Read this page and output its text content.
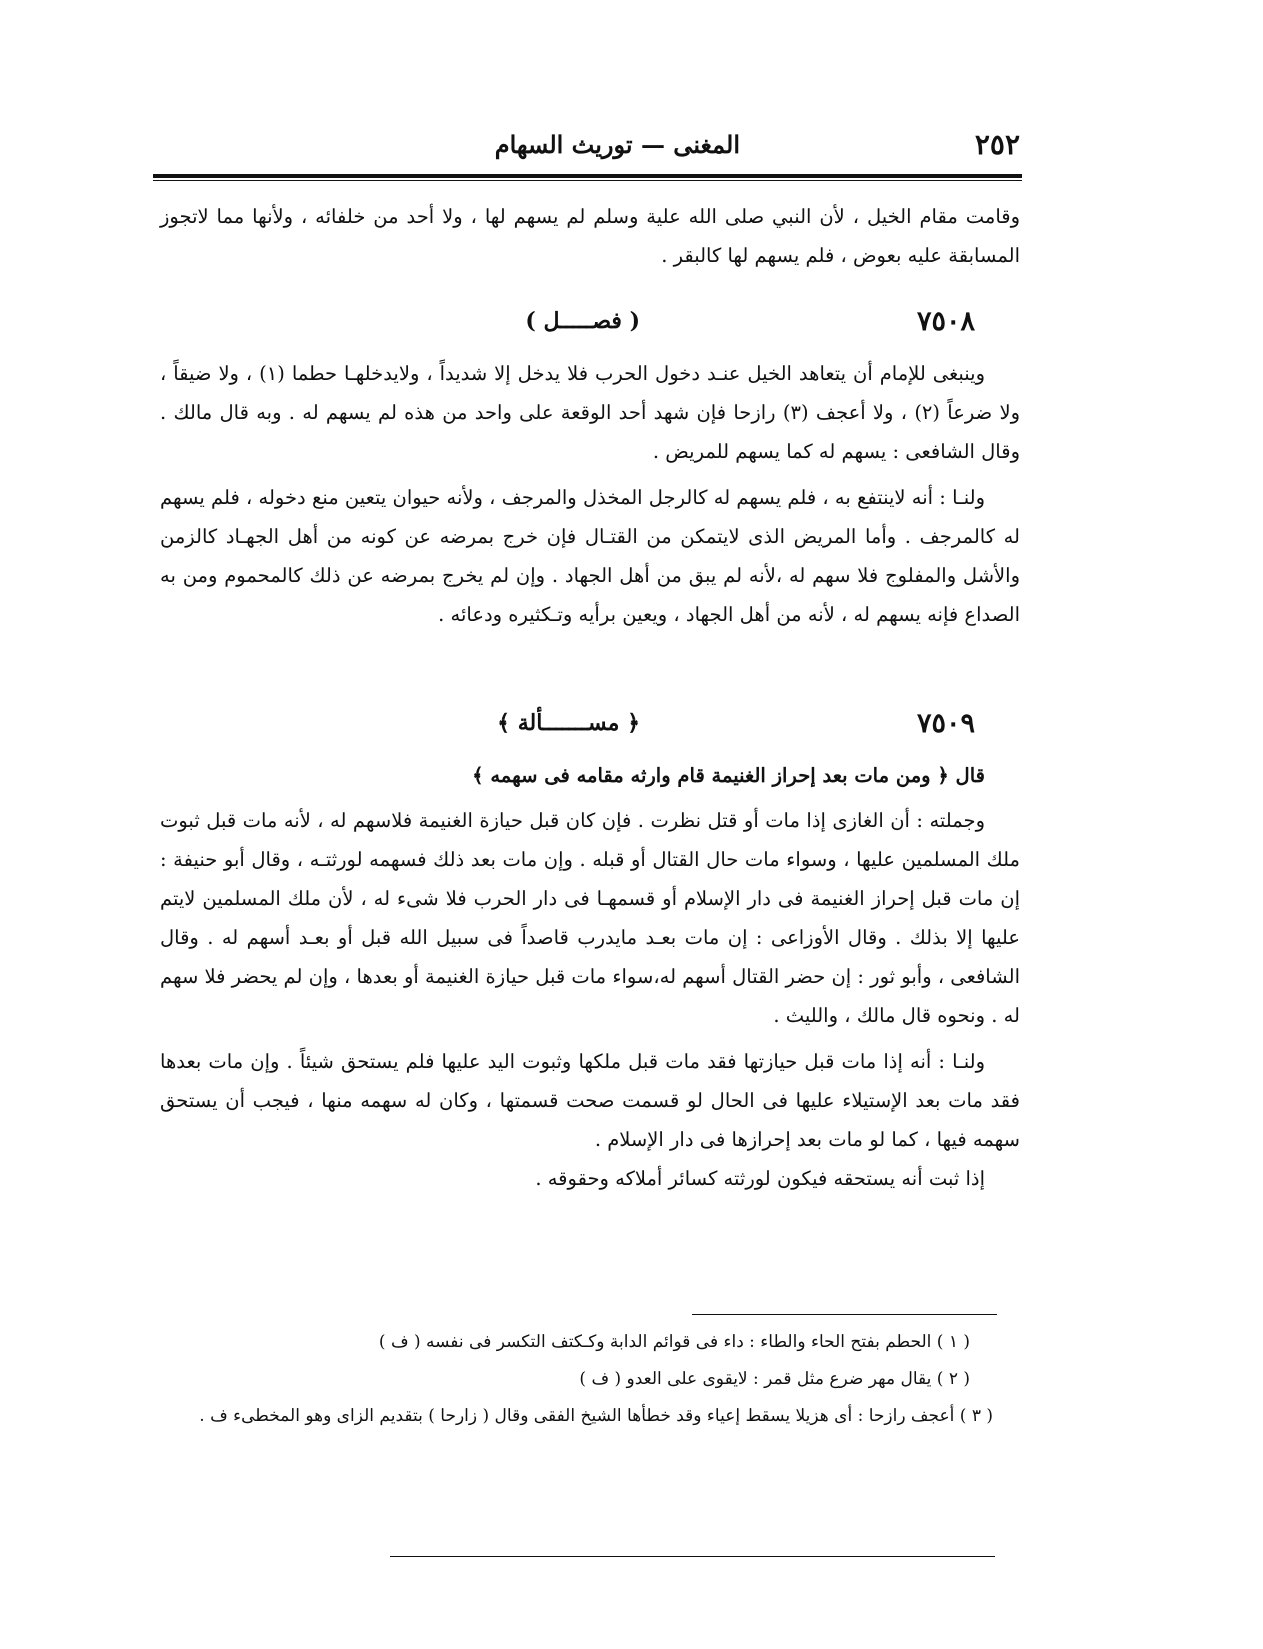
٢٥٢
المغنى — توريث السهام

وقامت مقام الخيل ، لأن النبي صلى الله علية وسلم لم يسهم لها ، ولا أحد من خلفائه ، ولأنها مما لاتجوز المسابقة عليه بعوض ، فلم يسهم لها كالبقر .

٧٥٠٨
( فصـــــل )

وينبغى للإمام أن يتعاهد الخيل عنـد دخول الحرب فلا يدخل إلا شديداً ، ولايدخلهـا حطما (١) ، ولا ضيقاً ، ولا ضرعاً (٢) ، ولا أعجف (٣) رازحا فإن شهد أحد الوقعة على واحد من هذه لم يسهم له . وبه قال مالك . وقال الشافعى : يسهم له كما يسهم للمريض .

ولنـا : أنه لاينتفع به ، فلم يسهم له كالرجل المخذل والمرجف ، ولأنه حيوان يتعين منع دخوله ، فلم يسهم له كالمرجف . وأما المريض الذى لايتمكن من القتـال فإن خرج بمرضه عن كونه من أهل الجهـاد كالزمن والأشل والمفلوج فلا سهم له ،لأنه لم يبق من أهل الجهاد . وإن لم يخرج بمرضه عن ذلك كالمحموم ومن به الصداع فإنه يسهم له ، لأنه من أهل الجهاد ، ويعين برأيه وتـكثيره ودعائه .

٧٥٠٩
﴿ مســـــــألة ﴾

قال ﴿ ومن مات بعد إحراز الغنيمة قام وارثه مقامه فى سهمه ﴾

وجملته : أن الغازى إذا مات أو قتل نظرت . فإن كان قبل حيازة الغنيمة فلاسهم له ، لأنه مات قبل ثبوت ملك المسلمين عليها ، وسواء مات حال القتال أو قبله . وإن مات بعد ذلك فسهمه لورثتـه ، وقال أبو حنيفة : إن مات قبل إحراز الغنيمة فى دار الإسلام أو قسمهـا فى دار الحرب فلا شىء له ، لأن ملك المسلمين لايتم عليها إلا بذلك . وقال الأوزاعى : إن مات بعـد مايدرب قاصداً فى سبيل الله قبل أو بعـد أسهم له . وقال الشافعى ، وأبو ثور : إن حضر القتال أسهم له،سواء مات قبل حيازة الغنيمة أو بعدها ، وإن لم يحضر فلا سهم له . ونحوه قال مالك ، والليث .

ولنـا : أنه إذا مات قبل حيازتها فقد مات قبل ملكها وثبوت اليد عليها فلم يستحق شيئاً . وإن مات بعدها فقد مات بعد الإستيلاء عليها فى الحال لو قسمت صحت قسمتها ، وكان له سهمه منها ، فيجب أن يستحق سهمه فيها ، كما لو مات بعد إحرازها فى دار الإسلام .

إذا ثبت أنه يستحقه فيكون لورثته كسائر أملاكه وحقوقه .

( ١ ) الحطم بفتح الحاء والطاء : داء فى قوائم الدابة وكـكتف التكسر فى نفسه ( ف )

( ٢ ) يقال مهر ضرع مثل قمر : لايقوى على العدو ( ف )

( ٣ ) أعجف رازحا : أى هزيلا يسقط إعياء وقد خطأها الشيخ الفقى وقال ( زارحا ) بتقديم الزاى وهو المخطىء ف .
